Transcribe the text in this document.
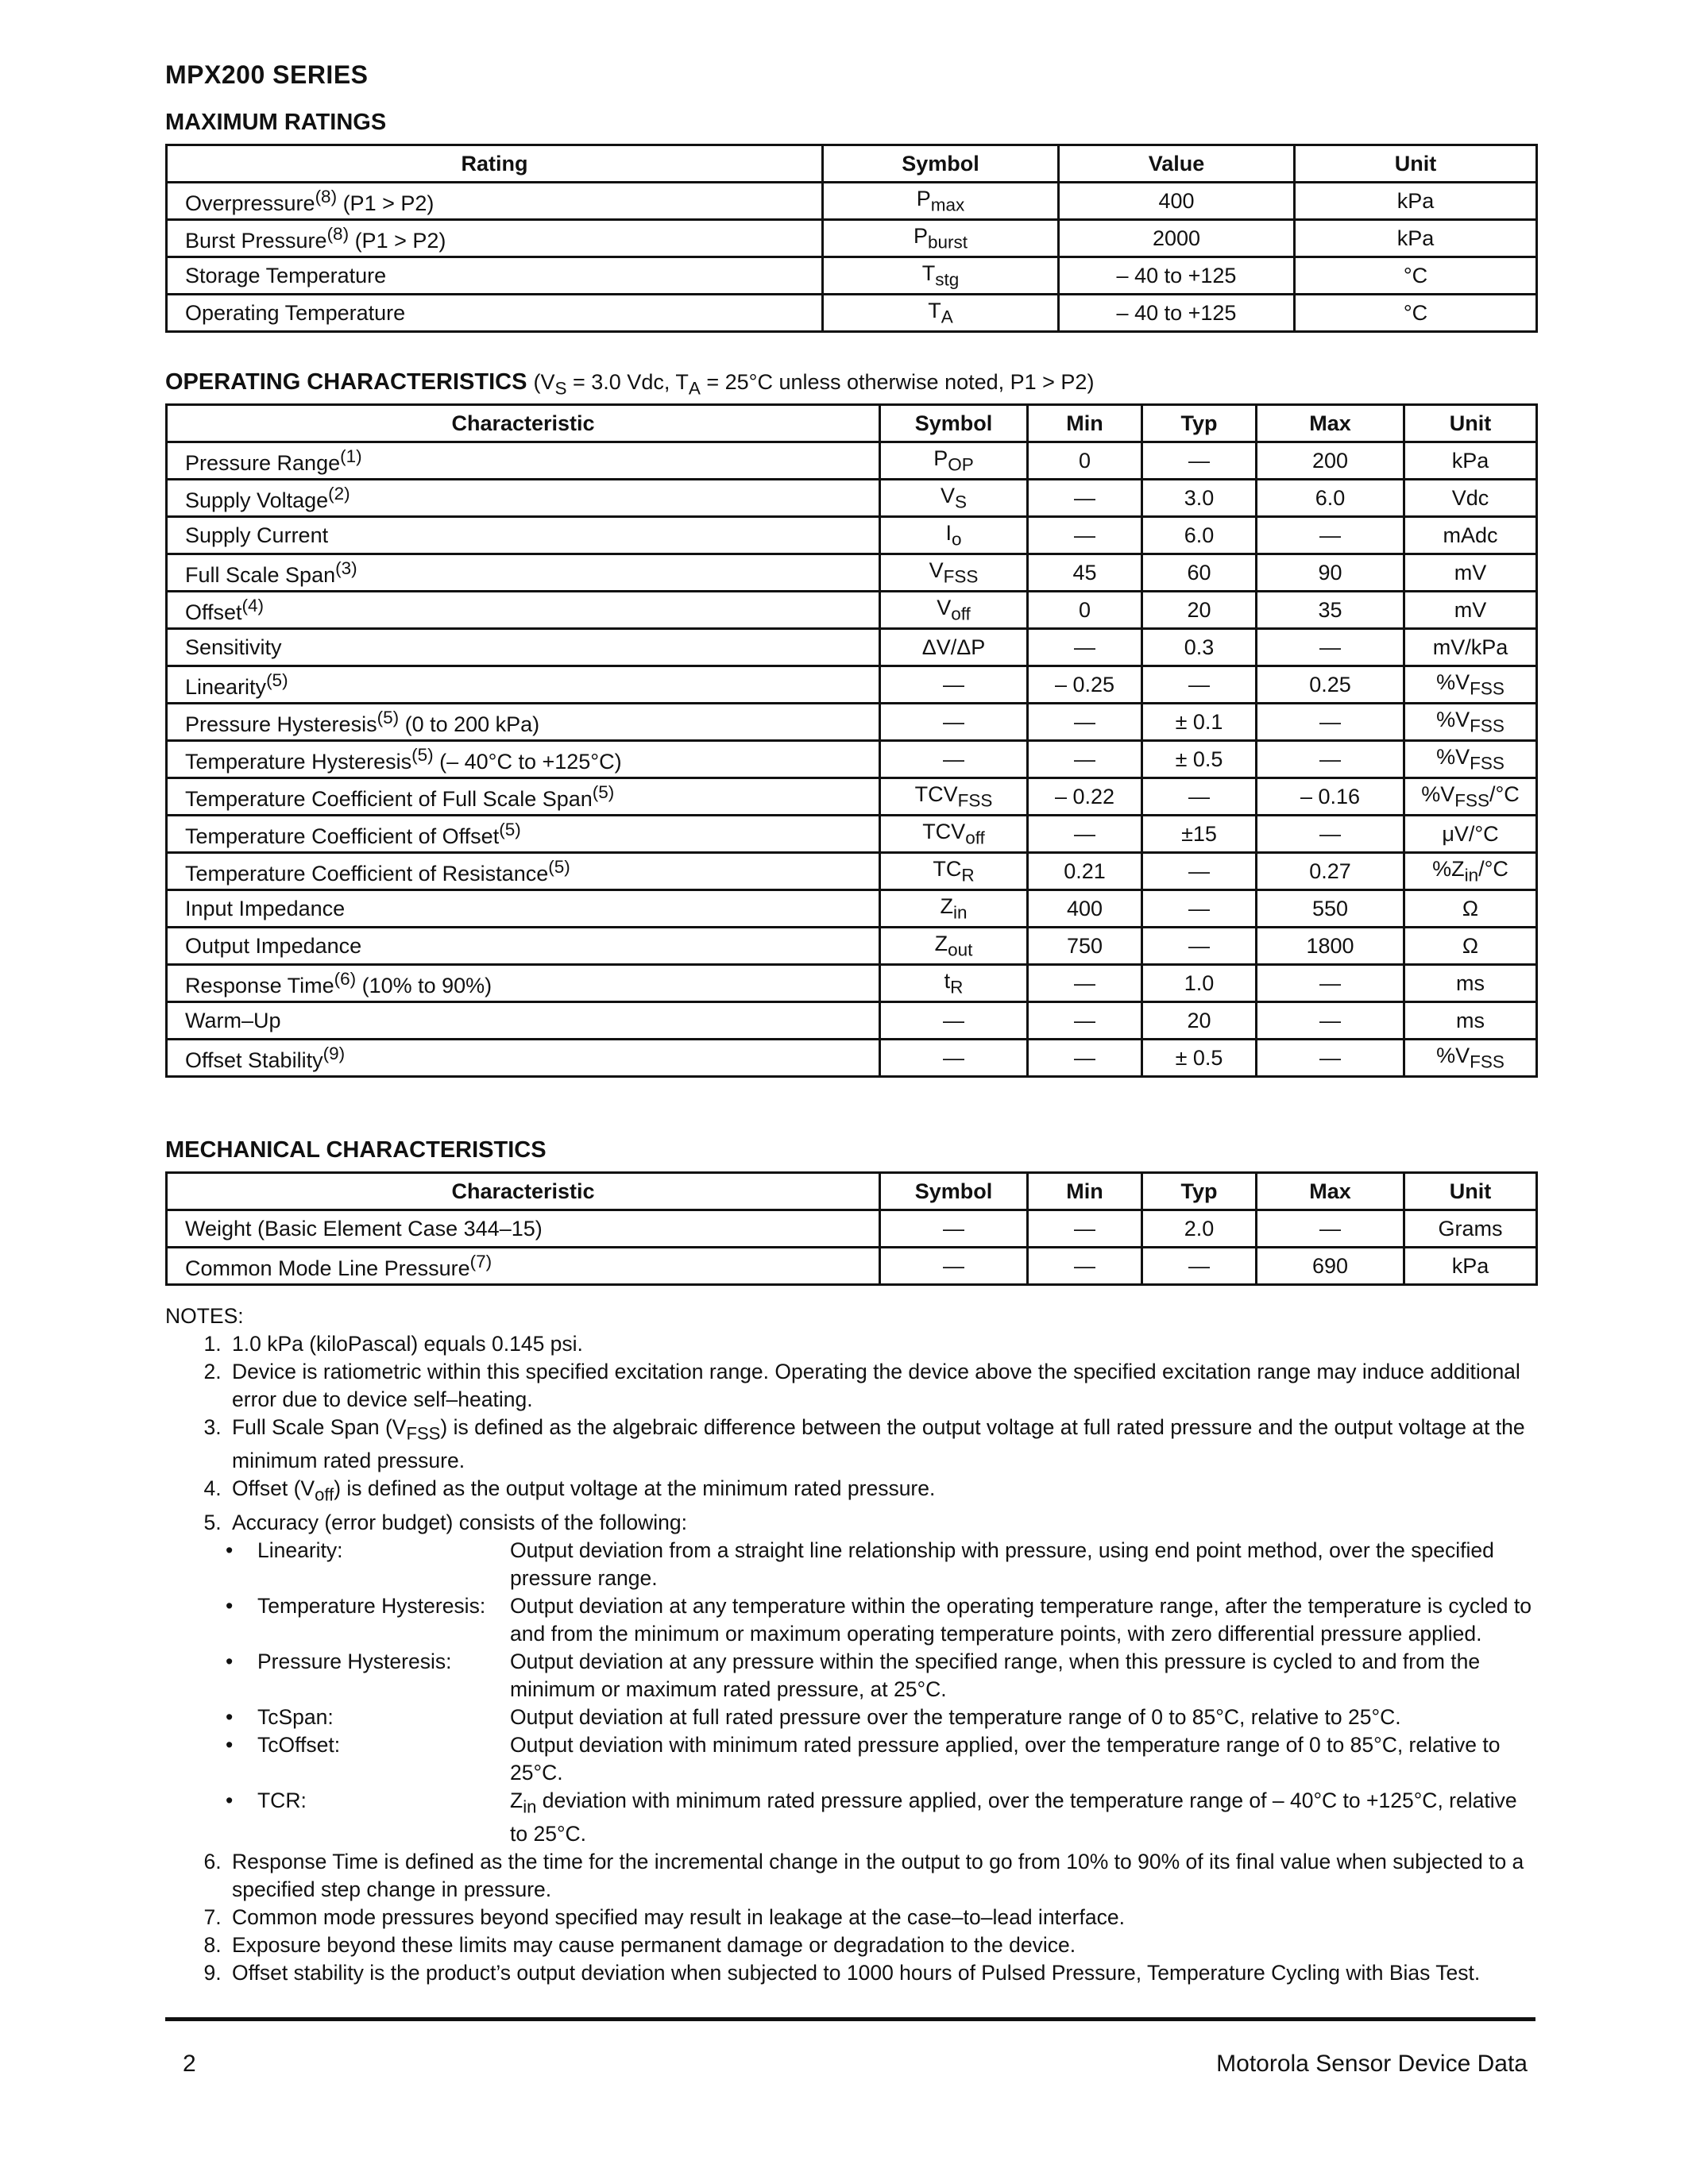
MPX200 SERIES
MAXIMUM RATINGS
Rating	Symbol	Value	Unit
Overpressure$^{(8)}$ (P1 > P2)	$P_{max}$	400	kPa
Burst Pressure$^{(8)}$ (P1 > P2)	$P_{burst}$	2000	kPa
Storage Temperature	$T_{stg}$	– 40 to +125	°C
Operating Temperature	$T_A$	– 40 to +125	°C
OPERATING CHARACTERISTICS ($V_S = 3.0$ Vdc, $T_A = 25^\circ C$ unless otherwise noted, P1 > P2)
Characteristic	Symbol	Min	Typ	Max	Unit
Pressure Range$^{(1)}$	$P_{OP}$	0	—	200	kPa
Supply Voltage$^{(2)}$	$V_S$	—	3.0	6.0	Vdc
Supply Current	$I_o$	—	6.0	—	mAdc
Full Scale Span$^{(3)}$	$V_{FSS}$	45	60	90	mV
Offset$^{(4)}$	$V_{off}$	0	20	35	mV
Sensitivity	ΔV/ΔP	—	0.3	—	mV/kPa
Linearity$^{(5)}$	—	– 0.25	—	0.25	$\%V_{FSS}$
Pressure Hysteresis$^{(5)}$ (0 to 200 kPa)	—	—	± 0.1	—	$\%V_{FSS}$
Temperature Hysteresis$^{(5)}$ (– 40°C to +125°C)	—	—	± 0.5	—	$\%V_{FSS}$
Temperature Coefficient of Full Scale Span$^{(5)}$	$TCV_{FSS}$	– 0.22	—	– 0.16	$\%V_{FSS}/^\circ C$
Temperature Coefficient of Offset$^{(5)}$	$TCV_{off}$	—	±15	—	μV/°C
Temperature Coefficient of Resistance$^{(5)}$	$TC_R$	0.21	—	0.27	$\%Z_{in}/^\circ C$
Input Impedance	$Z_{in}$	400	—	550	Ω
Output Impedance	$Z_{out}$	750	—	1800	Ω
Response Time$^{(6)}$ (10% to 90%)	$t_R$	—	1.0	—	ms
Warm–Up	—	—	20	—	ms
Offset Stability$^{(9)}$	—	—	± 0.5	—	$\%V_{FSS}$
MECHANICAL CHARACTERISTICS
Characteristic	Symbol	Min	Typ	Max	Unit
Weight (Basic Element Case 344–15)	—	—	2.0	—	Grams
Common Mode Line Pressure$^{(7)}$	—	—	—	690	kPa
NOTES:
1. 1.0 kPa (kiloPascal) equals 0.145 psi.
2. Device is ratiometric within this specified excitation range. Operating the device above the specified excitation range may induce additional error due to device self–heating.
3. Full Scale Span $(V_{FSS})$ is defined as the algebraic difference between the output voltage at full rated pressure and the output voltage at the minimum rated pressure.
4. Offset $(V_{off})$ is defined as the output voltage at the minimum rated pressure.
5. Accuracy (error budget) consists of the following:
•	Linearity:	Output deviation from a straight line relationship with pressure, using end point method, over the specified pressure range.
•	Temperature Hysteresis:	Output deviation at any temperature within the operating temperature range, after the temperature is cycled to and from the minimum or maximum operating temperature points, with zero differential pressure applied.
•	Pressure Hysteresis:	Output deviation at any pressure within the specified range, when this pressure is cycled to and from the minimum or maximum rated pressure, at 25°C.
•	TcSpan:	Output deviation at full rated pressure over the temperature range of 0 to 85°C, relative to 25°C.
•	TcOffset:	Output deviation with minimum rated pressure applied, over the temperature range of 0 to 85°C, relative to 25°C.
•	TCR:	$Z_{in}$ deviation with minimum rated pressure applied, over the temperature range of – 40°C to +125°C, relative to 25°C.
6. Response Time is defined as the time for the incremental change in the output to go from 10% to 90% of its final value when subjected to a specified step change in pressure.
7. Common mode pressures beyond specified may result in leakage at the case–to–lead interface.
8. Exposure beyond these limits may cause permanent damage or degradation to the device.
9. Offset stability is the product’s output deviation when subjected to 1000 hours of Pulsed Pressure, Temperature Cycling with Bias Test.
2	Motorola Sensor Device Data
